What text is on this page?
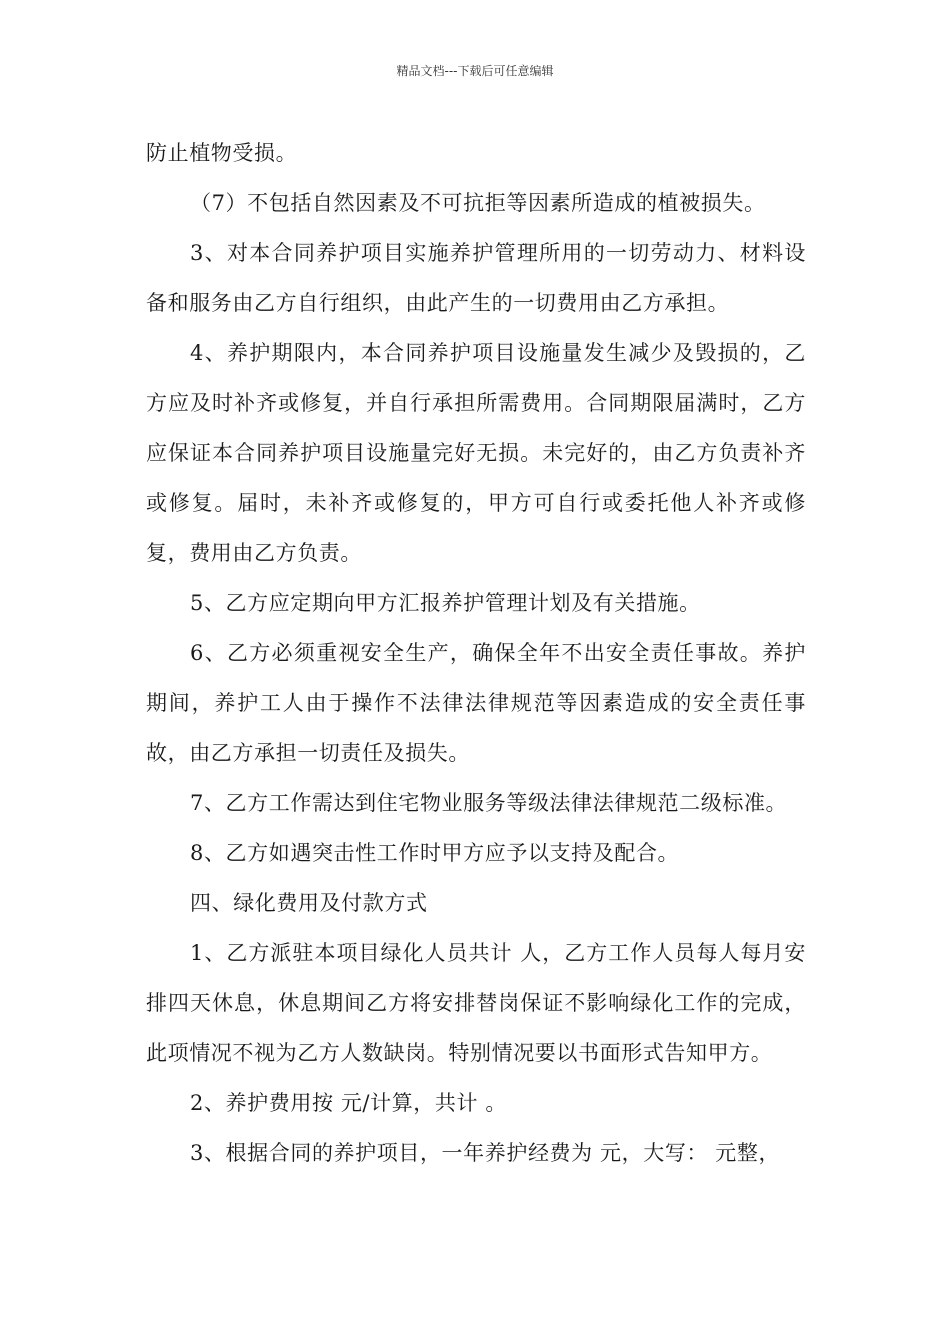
精品文档---下载后可任意编辑

防止植物受损。

（7）不包括自然因素及不可抗拒等因素所造成的植被损失。

3、对本合同养护项目实施养护管理所用的一切劳动力、材料设备和服务由乙方自行组织，由此产生的一切费用由乙方承担。

4、养护期限内，本合同养护项目设施量发生减少及毁损的，乙方应及时补齐或修复，并自行承担所需费用。合同期限届满时，乙方应保证本合同养护项目设施量完好无损。未完好的，由乙方负责补齐或修复。届时，未补齐或修复的，甲方可自行或委托他人补齐或修复，费用由乙方负责。

5、乙方应定期向甲方汇报养护管理计划及有关措施。

6、乙方必须重视安全生产，确保全年不出安全责任事故。养护期间，养护工人由于操作不法律法律规范等因素造成的安全责任事故，由乙方承担一切责任及损失。

7、乙方工作需达到住宅物业服务等级法律法律规范二级标准。

8、乙方如遇突击性工作时甲方应予以支持及配合。

四、绿化费用及付款方式

1、乙方派驻本项目绿化人员共计 人，乙方工作人员每人每月安排四天休息，休息期间乙方将安排替岗保证不影响绿化工作的完成，此项情况不视为乙方人数缺岗。特别情况要以书面形式告知甲方。

2、养护费用按 元/计算，共计 。

3、根据合同的养护项目，一年养护经费为 元，大写： 元整，
